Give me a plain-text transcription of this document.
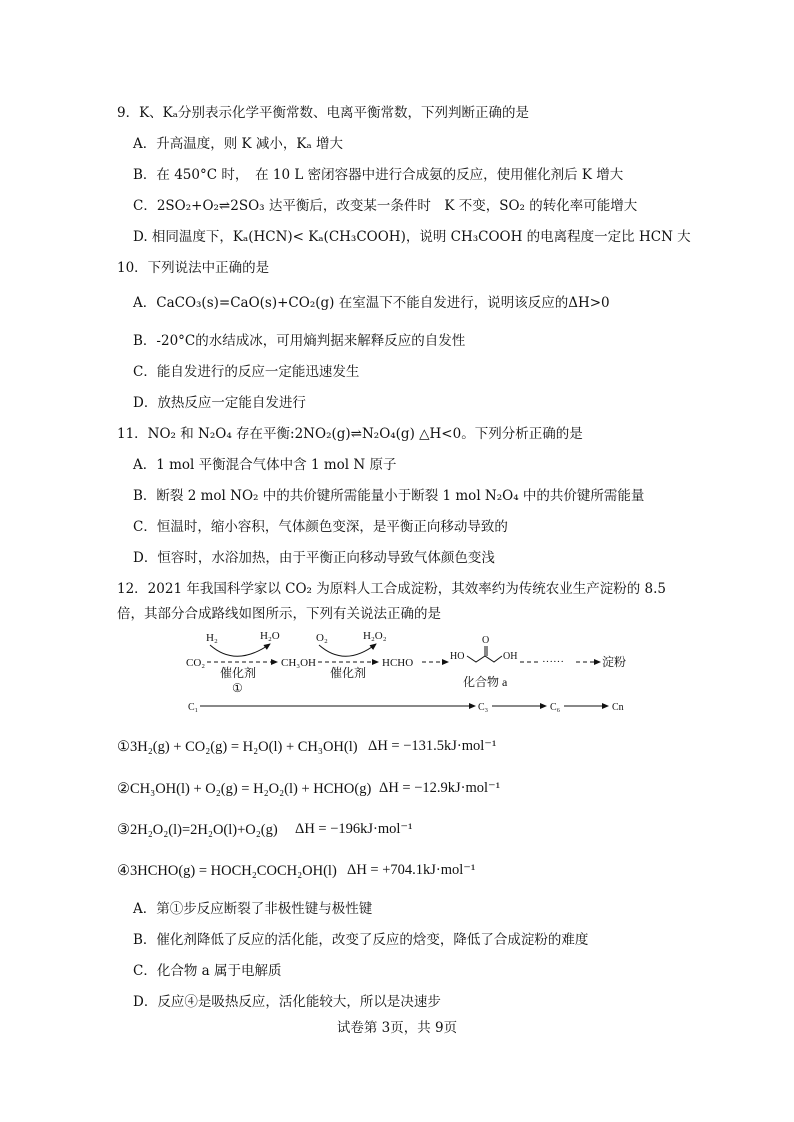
9．K、Kₐ分别表示化学平衡常数、电离平衡常数，下列判断正确的是
A．升高温度，则 K 减小，Kₐ 增大
B．在 450°C 时，　在 10 L 密闭容器中进行合成氨的反应，使用催化剂后 K 增大
C．2SO₂+O₂⇌2SO₃ 达平衡后，改变某一条件时　K 不变，SO₂ 的转化率可能增大
D. 相同温度下，Kₐ(HCN)< Kₐ(CH₃COOH)，说明 CH₃COOH 的电离程度一定比 HCN 大
10．下列说法中正确的是
A．CaCO₃(s)=CaO(s)+CO₂(g) 在室温下不能自发进行，说明该反应的ΔH>0
B．-20°C的水结成冰，可用熵判据来解释反应的自发性
C．能自发进行的反应一定能迅速发生
D．放热反应一定能自发进行
11．NO₂ 和 N₂O₄ 存在平衡:2NO₂(g)⇌N₂O₄(g) △H<0。下列分析正确的是
A．1 mol 平衡混合气体中含 1 mol N 原子
B．断裂 2 mol NO₂ 中的共价键所需能量小于断裂 1 mol N₂O₄ 中的共价键所需能量
C．恒温时，缩小容积，气体颜色变深，是平衡正向移动导致的
D．恒容时，水浴加热，由于平衡正向移动导致气体颜色变浅
12．2021 年我国科学家以 CO₂ 为原料人工合成淀粉，其效率约为传统农业生产淀粉的 8.5
倍，其部分合成路线如图所示，下列有关说法正确的是
H₂	H₂O	O₂	H₂O₂
CO₂
催化剂
①
CH₃OH
催化剂
HCHO
HO
O
OH
化合物 a
······	淀粉
C₁	C₃	C₆	Cn
①3H₂(g) + CO₂(g) = H₂O(l) + CH₃OH(l) ΔH = −131.5kJ·mol⁻¹
②CH₃OH(l) + O₂(g) = H₂O₂(l) + HCHO(g) ΔH = −12.9kJ·mol⁻¹
③2H₂O₂(l)=2H₂O(l)+O₂(g) ΔH = −196kJ·mol⁻¹
④3HCHO(g) = HOCH₂COCH₂OH(l) ΔH = +704.1kJ·mol⁻¹
A．第①步反应断裂了非极性键与极性键
B．催化剂降低了反应的活化能，改变了反应的焓变，降低了合成淀粉的难度
C．化合物 a 属于电解质
D．反应④是吸热反应，活化能较大，所以是决速步
试卷第 3页，共 9页
